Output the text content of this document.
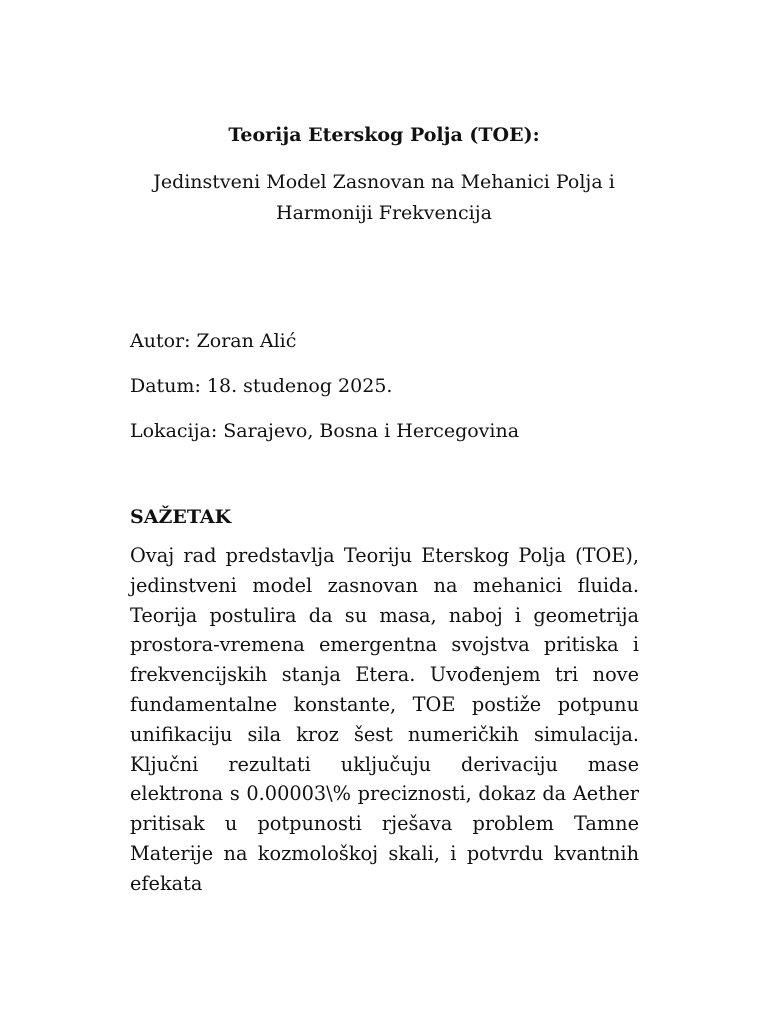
Teorija Eterskog Polja (TOE):

Jedinstveni Model Zasnovan na Mehanici Polja i Harmoniji Frekvencija

Autor: Zoran Alić

Datum: 18. studenog 2025.

Lokacija: Sarajevo, Bosna i Hercegovina

SAŽETAK

Ovaj rad predstavlja Teoriju Eterskog Polja (TOE), jedinstveni model zasnovan na mehanici fluida. Teorija postulira da su masa, naboj i geometrija prostora-vremena emergentna svojstva pritiska i frekvencijskih stanja Etera. Uvođenjem tri nove fundamentalne konstante, TOE postiže potpunu unifikaciju sila kroz šest numeričkih simulacija. Ključni rezultati uključuju derivaciju mase elektrona s 0.00003\% preciznosti, dokaz da Aether pritisak u potpunosti rješava problem Tamne Materije na kozmološkoj skali, i potvrdu kvantnih efekata
